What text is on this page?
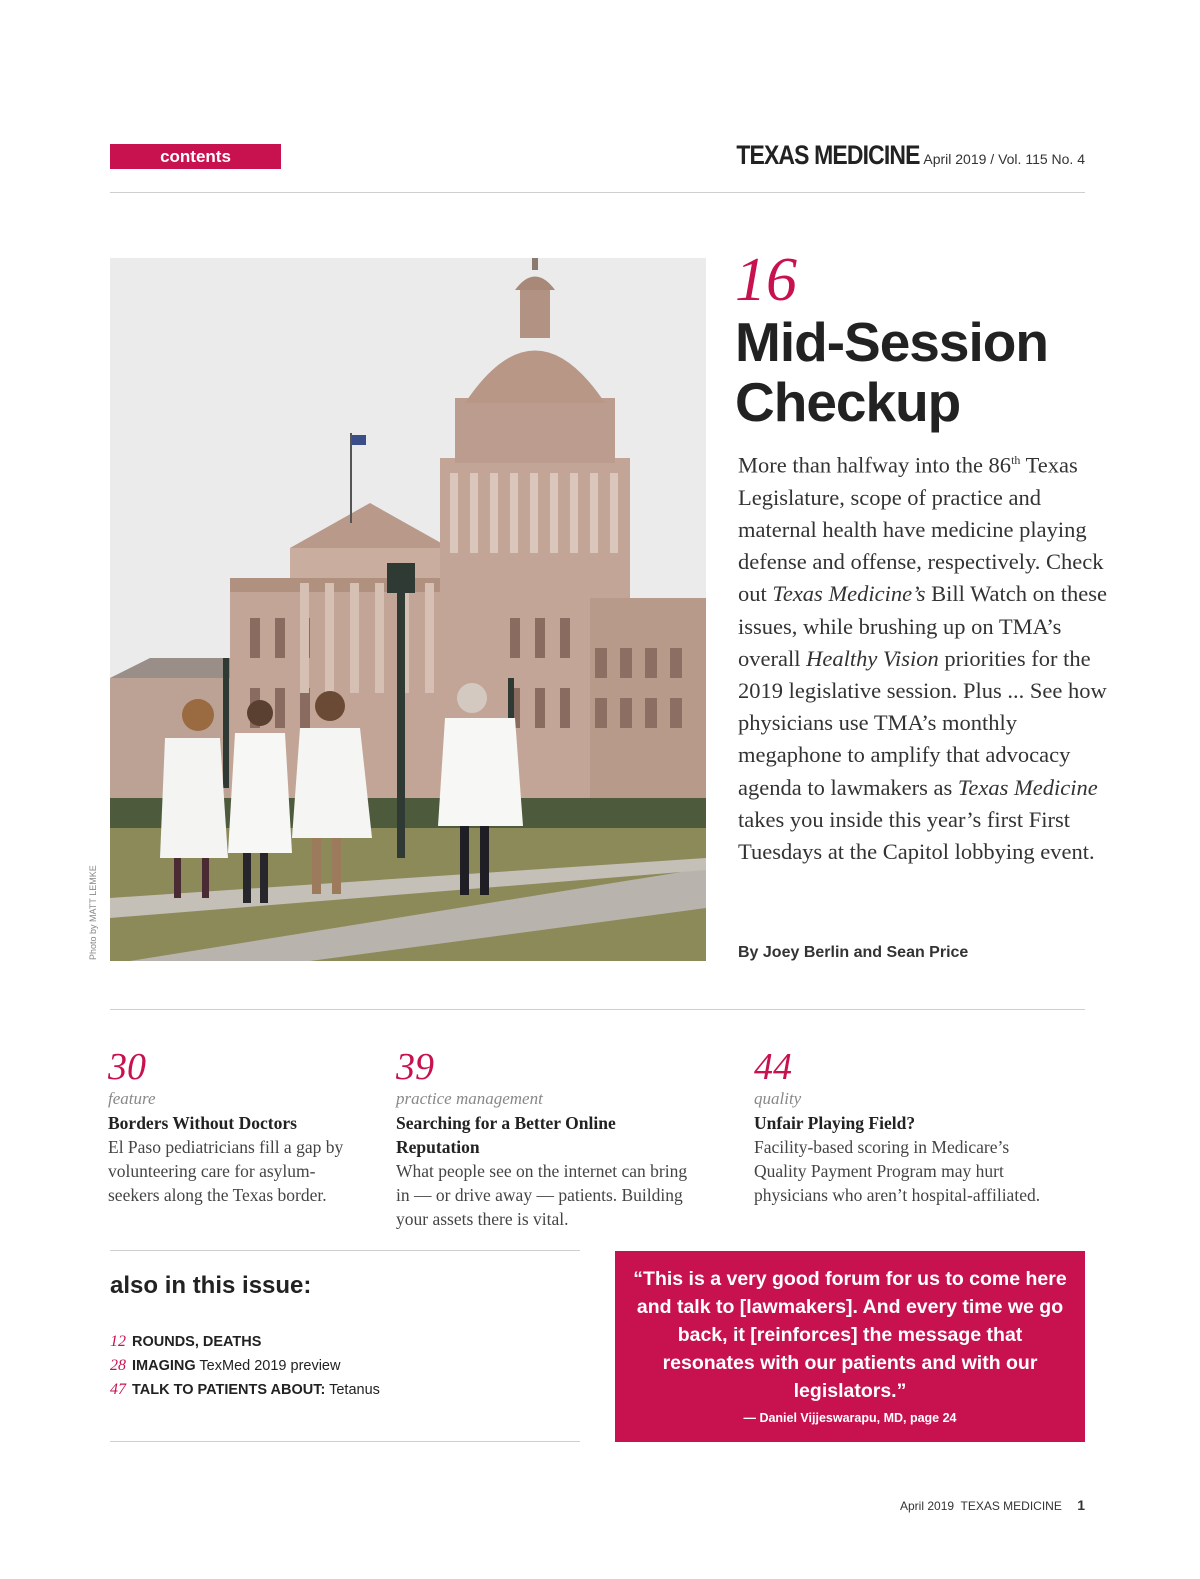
contents	TEXAS MEDICINE April 2019 / Vol. 115 No. 4
Photo by MATT LEMKE
16
Mid-Session
Checkup
More than halfway into the 86th Texas Legislature, scope of practice and maternal health have medicine playing defense and offense, respectively. Check out Texas Medicine’s Bill Watch on these issues, while brushing up on TMA’s overall Healthy Vision priorities for the 2019 legislative session. Plus ... See how physicians use TMA’s monthly megaphone to amplify that advocacy agenda to lawmakers as Texas Medicine takes you inside this year’s first First Tuesdays at the Capitol lobbying event.
By Joey Berlin and Sean Price
30
feature
Borders Without Doctors
El Paso pediatricians fill a gap by volunteering care for asylum-seekers along the Texas border.
39
practice management
Searching for a Better Online Reputation
What people see on the internet can bring in — or drive away — patients. Building your assets there is vital.
44
quality
Unfair Playing Field?
Facility-based scoring in Medicare’s Quality Payment Program may hurt physicians who aren’t hospital-affiliated.
also in this issue:
12 ROUNDS, DEATHS
28 IMAGING TexMed 2019 preview
47 TALK TO PATIENTS ABOUT: Tetanus
“This is a very good forum for us to come here and talk to [lawmakers]. And every time we go back, it [reinforces] the message that resonates with our patients and with our legislators.”
— Daniel Vijjeswarapu, MD, page 24
April 2019 TEXAS MEDICINE 1
